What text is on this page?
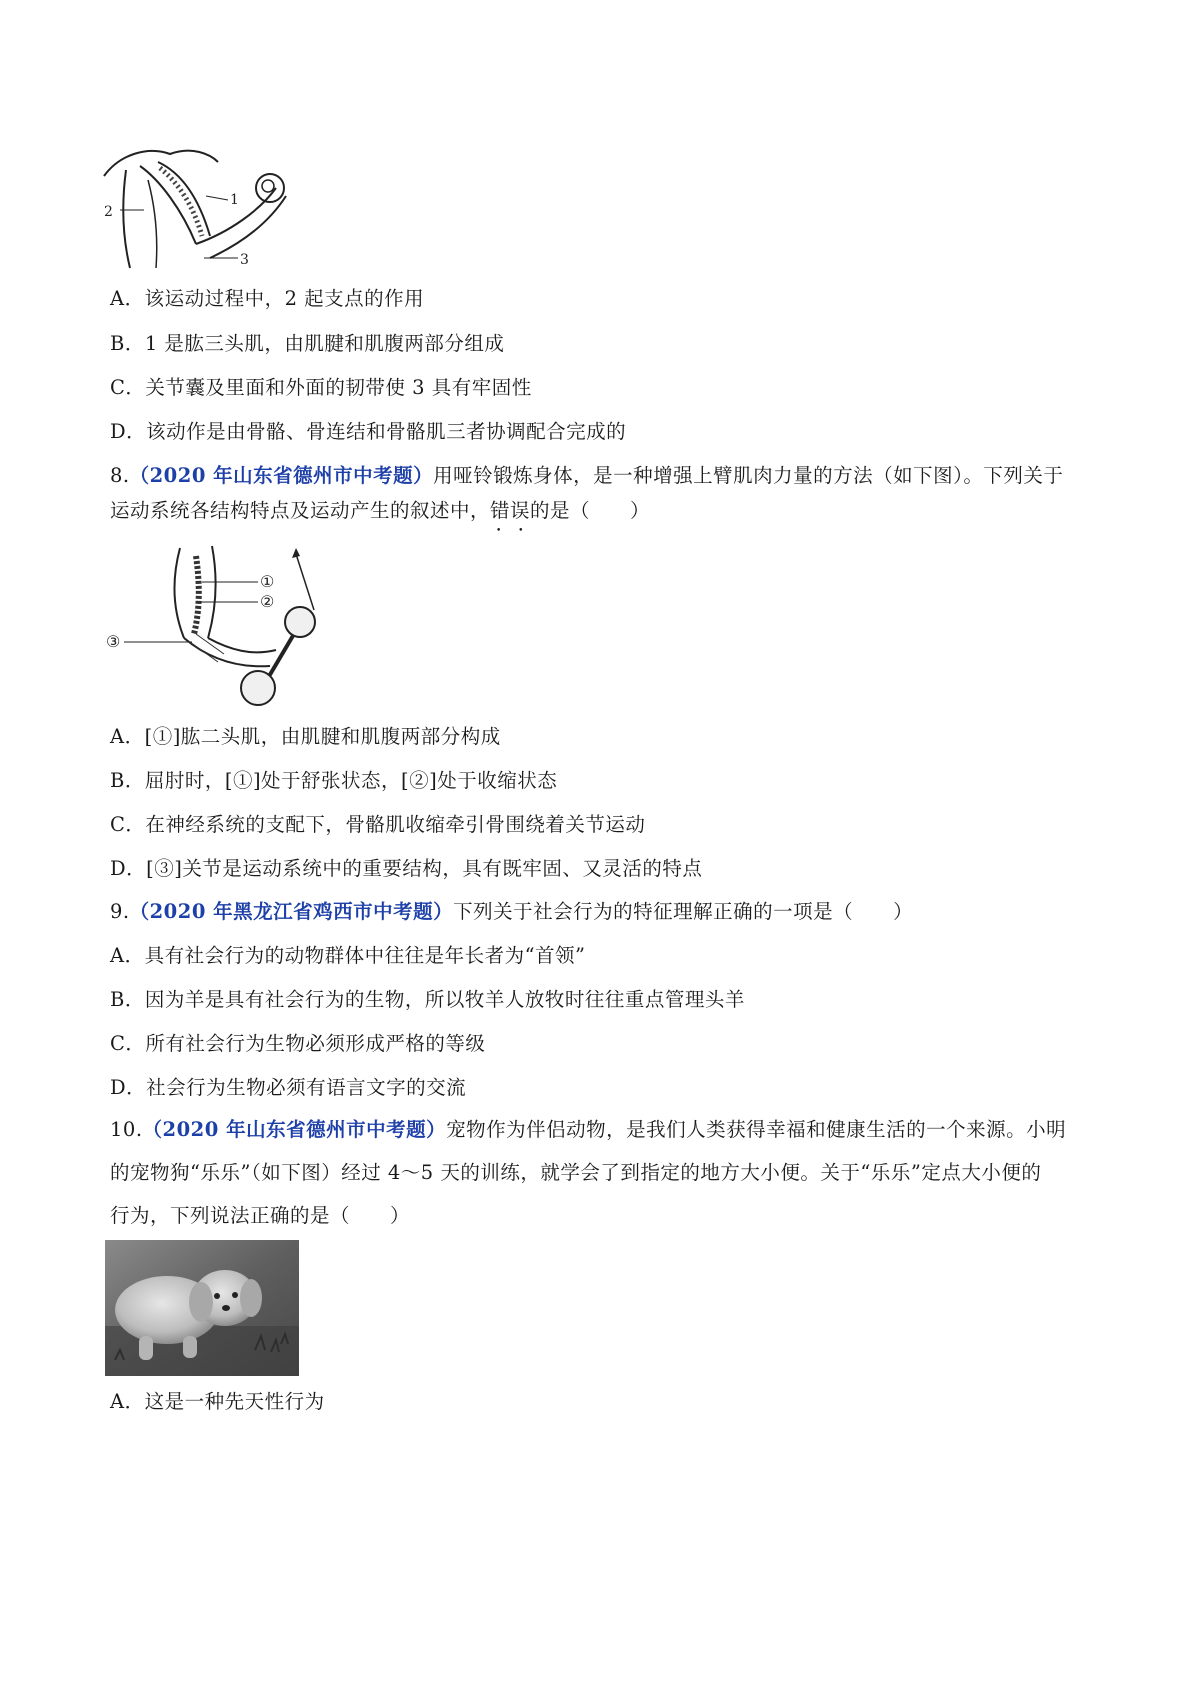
1
2
3
A．该运动过程中，2 起支点的作用
B．1 是肱三头肌，由肌腱和肌腹两部分组成
C．关节囊及里面和外面的韧带使 3 具有牢固性
D．该动作是由骨骼、骨连结和骨骼肌三者协调配合完成的
8.（2020 年山东省德州市中考题）用哑铃锻炼身体，是一种增强上臂肌肉力量的方法（如下图）。下列关于
运动系统各结构特点及运动产生的叙述中，错误 • •的是（　　）
①
②
③
A．[①]肱二头肌，由肌腱和肌腹两部分构成
B．屈肘时，[①]处于舒张状态，[②]处于收缩状态
C．在神经系统的支配下，骨骼肌收缩牵引骨围绕着关节运动
D．[③]关节是运动系统中的重要结构，具有既牢固、又灵活的特点
9.（2020 年黑龙江省鸡西市中考题）下列关于社会行为的特征理解正确的一项是（　　）
A．具有社会行为的动物群体中往往是年长者为“首领”
B．因为羊是具有社会行为的生物，所以牧羊人放牧时往往重点管理头羊
C．所有社会行为生物必须形成严格的等级
D．社会行为生物必须有语言文字的交流
10.（2020 年山东省德州市中考题）宠物作为伴侣动物，是我们人类获得幸福和健康生活的一个来源。小明
的宠物狗“乐乐”（如下图）经过 4～5 天的训练，就学会了到指定的地方大小便。关于“乐乐”定点大小便的
行为，下列说法正确的是（　　）
A．这是一种先天性行为
